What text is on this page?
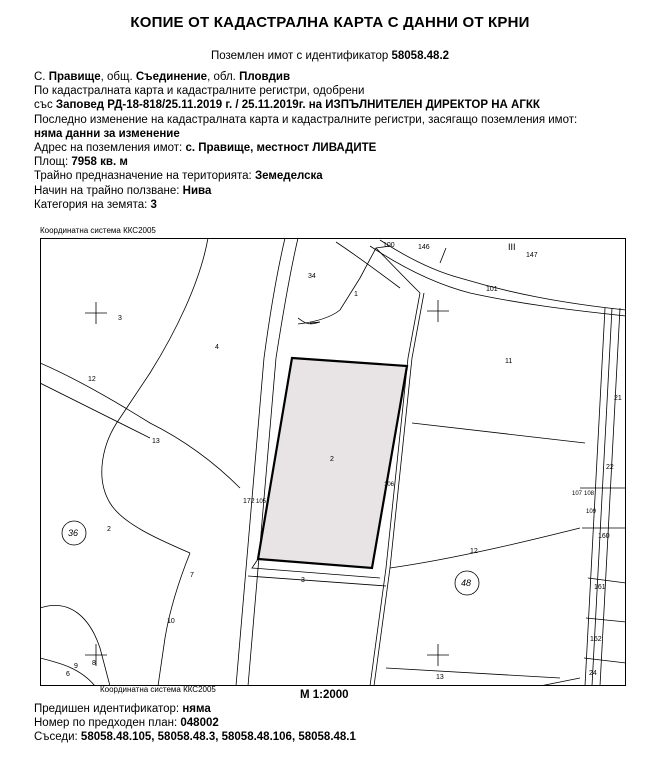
КОПИЕ ОТ КАДАСТРАЛНА КАРТА С ДАННИ ОТ КРНИ
Поземлен имот с идентификатор 58058.48.2
С. Правище, общ. Съединение, обл. Пловдив
По кадастралната карта и кадастралните регистри, одобрени
със Заповед РД-18-818/25.11.2019 г. / 25.11.2019г. на ИЗПЪЛНИТЕЛЕН ДИРЕКТОР НА АГКК
Последно изменение на кадастралната карта и кадастралните регистри, засягащо поземления имот:
няма данни за изменение
Адрес на поземления имот: с. Правище, местност ЛИВАДИТЕ
Площ: 7958 кв. м
Трайно предназначение на територията: Земеделска
Начин на трайно ползване: Нива
Категория на земята: 3
Координатна система ККС2005
34
1
100	146
147
III
101
3
4
12
11
13
2
21
22
172 105
106
107 108
109
160
36	2
12
48
7
3
161
10
162
8
9
6	13
24
Координатна система ККС2005	М 1:2000
Предишен идентификатор: няма
Номер по предходен план: 048002
Съседи: 58058.48.105, 58058.48.3, 58058.48.106, 58058.48.1
